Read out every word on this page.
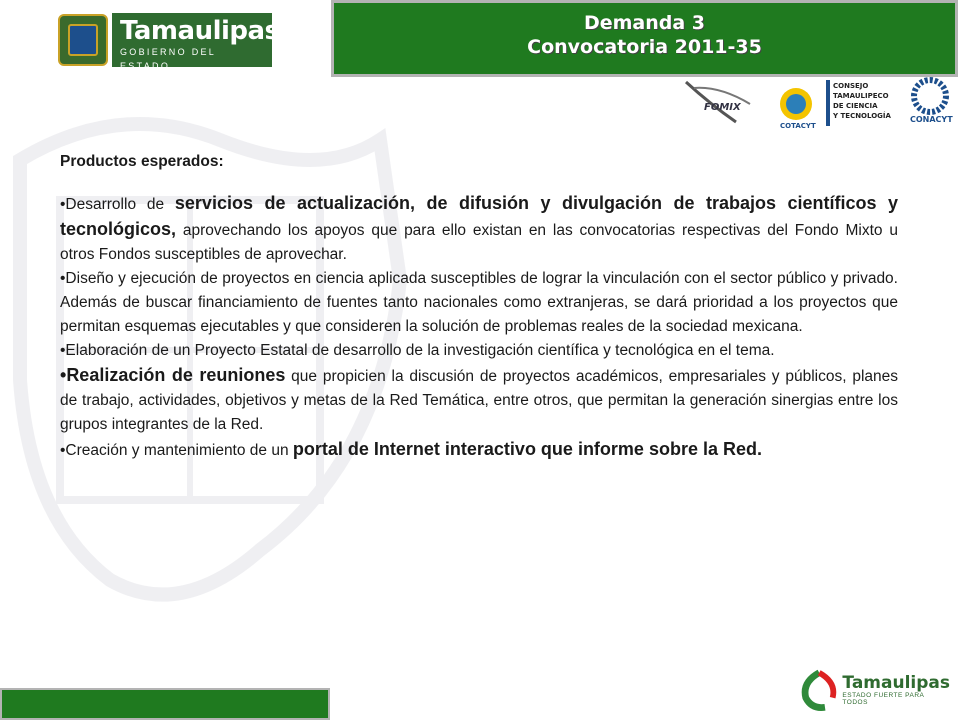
Tamaulipas
GOBIERNO DEL ESTADO
Demanda 3
Convocatoria 2011-35
FOMIX
COTACYT
CONSEJO
TAMAULIPECO
DE CIENCIA
Y TECNOLOGÍA CONACYT

Productos esperados:

•Desarrollo de servicios de actualización, de difusión y divulgación de trabajos científicos y tecnológicos, aprovechando los apoyos que para ello existan en las convocatorias respectivas del Fondo Mixto u otros Fondos susceptibles de aprovechar.

•Diseño y ejecución de proyectos en ciencia aplicada susceptibles de lograr la vinculación con el sector público y privado. Además de buscar financiamiento de fuentes tanto nacionales como extranjeras, se dará prioridad a los proyectos que permitan esquemas ejecutables y que consideren la solución de problemas reales de la sociedad mexicana.

•Elaboración de un Proyecto Estatal de desarrollo de la investigación científica y tecnológica en el tema.

•Realización de reuniones que propicien la discusión de proyectos académicos, empresariales y públicos, planes de trabajo, actividades, objetivos y metas de la Red Temática, entre otros, que permitan la generación sinergias entre los grupos integrantes de la Red.

•Creación y mantenimiento de un portal de Internet interactivo que informe sobre la Red.

Tamaulipas
ESTADO FUERTE PARA TODOS
